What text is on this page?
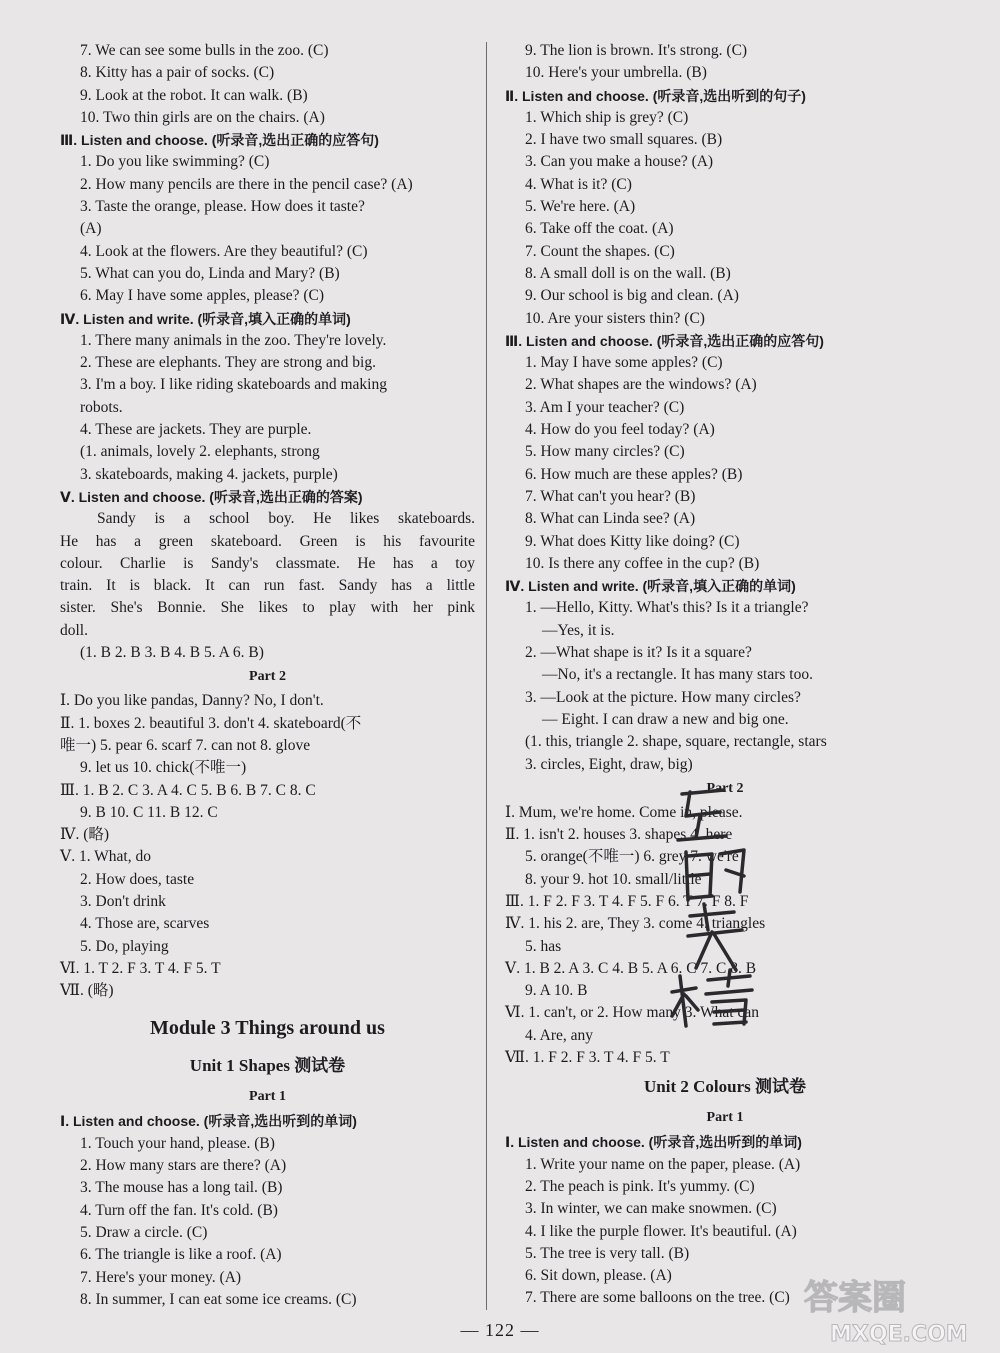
7. We can see some bulls in the zoo. (C)
8. Kitty has a pair of socks. (C)
9. Look at the robot. It can walk. (B)
10. Two thin girls are on the chairs. (A)
Ⅲ. Listen and choose. (听录音,选出正确的应答句)
1. Do you like swimming? (C)
2. How many pencils are there in the pencil case? (A)
3. Taste the orange, please. How does it taste?
(A)
4. Look at the flowers. Are they beautiful? (C)
5. What can you do, Linda and Mary? (B)
6. May I have some apples, please? (C)
Ⅳ. Listen and write. (听录音,填入正确的单词)
1. There many animals in the zoo. They're lovely.
2. These are elephants. They are strong and big.
3. I'm a boy. I like riding skateboards and making
robots.
4. These are jackets. They are purple.
(1. animals, lovely 2. elephants, strong
3. skateboards, making 4. jackets, purple)
Ⅴ. Listen and choose. (听录音,选出正确的答案)
Sandy is a school boy. He likes skateboards.
He has a green skateboard. Green is his favourite
colour. Charlie is Sandy's classmate. He has a toy
train. It is black. It can run fast. Sandy has a little
sister. She's Bonnie. She likes to play with her pink
doll.
(1. B 2. B 3. B 4. B 5. A 6. B)
Part 2
Ⅰ. Do you like pandas, Danny? No, I don't.
Ⅱ. 1. boxes 2. beautiful 3. don't 4. skateboard(不
唯一) 5. pear 6. scarf 7. can not 8. glove
9. let us 10. chick(不唯一)
Ⅲ. 1. B 2. C 3. A 4. C 5. B 6. B 7. C 8. C
9. B 10. C 11. B 12. C
Ⅳ. (略)
Ⅴ. 1. What, do
2. How does, taste
3. Don't drink
4. Those are, scarves
5. Do, playing
Ⅵ. 1. T 2. F 3. T 4. F 5. T
Ⅶ. (略)
Module 3 Things around us
Unit 1 Shapes 测试卷
Part 1
Ⅰ. Listen and choose. (听录音,选出听到的单词)
1. Touch your hand, please. (B)
2. How many stars are there? (A)
3. The mouse has a long tail. (B)
4. Turn off the fan. It's cold. (B)
5. Draw a circle. (C)
6. The triangle is like a roof. (A)
7. Here's your money. (A)
8. In summer, I can eat some ice creams. (C)
9. The lion is brown. It's strong. (C)
10. Here's your umbrella. (B)
Ⅱ. Listen and choose. (听录音,选出听到的句子)
1. Which ship is grey? (C)
2. I have two small squares. (B)
3. Can you make a house? (A)
4. What is it? (C)
5. We're here. (A)
6. Take off the coat. (A)
7. Count the shapes. (C)
8. A small doll is on the wall. (B)
9. Our school is big and clean. (A)
10. Are your sisters thin? (C)
Ⅲ. Listen and choose. (听录音,选出正确的应答句)
1. May I have some apples? (C)
2. What shapes are the windows? (A)
3. Am I your teacher? (C)
4. How do you feel today? (A)
5. How many circles? (C)
6. How much are these apples? (B)
7. What can't you hear? (B)
8. What can Linda see? (A)
9. What does Kitty like doing? (C)
10. Is there any coffee in the cup? (B)
Ⅳ. Listen and write. (听录音,填入正确的单词)
1. —Hello, Kitty. What's this? Is it a triangle?
—Yes, it is.
2. —What shape is it? Is it a square?
—No, it's a rectangle. It has many stars too.
3. —Look at the picture. How many circles?
— Eight. I can draw a new and big one.
(1. this, triangle 2. shape, square, rectangle, stars
3. circles, Eight, draw, big)
Part 2
Ⅰ. Mum, we're home. Come in, please.
Ⅱ. 1. isn't 2. houses 3. shapes 4. here
5. orange(不唯一) 6. grey 7. we're
8. your 9. hot 10. small/little
Ⅲ. 1. F 2. F 3. T 4. F 5. F 6. T 7. F 8. F
Ⅳ. 1. his 2. are, They 3. come 4. triangles
5. has
Ⅴ. 1. B 2. A 3. C 4. B 5. A 6. C 7. C 8. B
9. A 10. B
Ⅵ. 1. can't, or 2. How many 3. What can
4. Are, any
Ⅶ. 1. F 2. F 3. T 4. F 5. T
Unit 2 Colours 测试卷
Part 1
Ⅰ. Listen and choose. (听录音,选出听到的单词)
1. Write your name on the paper, please. (A)
2. The peach is pink. It's yummy. (C)
3. In winter, we can make snowmen. (C)
4. I like the purple flower. It's beautiful. (A)
5. The tree is very tall. (B)
6. Sit down, please. (A)
7. There are some balloons on the tree. (C)
— 122 —
答案圈
MXQE.COM
